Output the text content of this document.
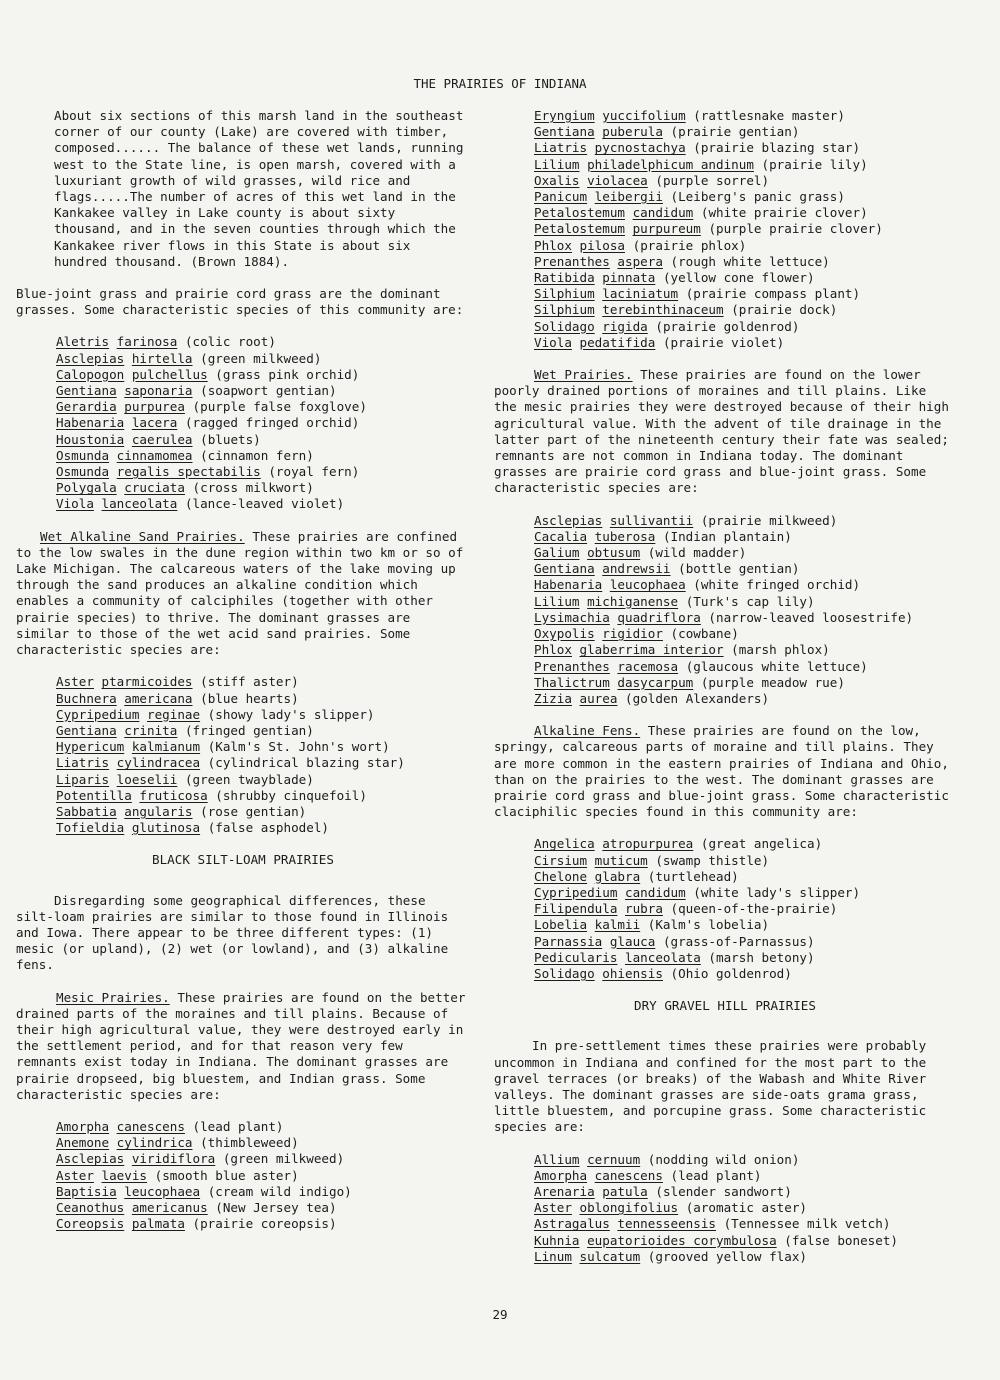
THE PRAIRIES OF INDIANA

About six sections of this marsh land in the southeast corner of our county (Lake) are covered with timber, composed...... The balance of these wet lands, running west to the State line, is open marsh, covered with a luxuriant growth of wild grasses, wild rice and flags.....The number of acres of this wet land in the Kankakee valley in Lake county is about sixty thousand, and in the seven counties through which the Kankakee river flows in this State is about six hundred thousand. (Brown 1884).

Blue-joint grass and prairie cord grass are the dominant grasses. Some characteristic species of this community are:

Aletris farinosa (colic root)
Asclepias hirtella (green milkweed)
Calopogon pulchellus (grass pink orchid)
Gentiana saponaria (soapwort gentian)
Gerardia purpurea (purple false foxglove)
Habenaria lacera (ragged fringed orchid)
Houstonia caerulea (bluets)
Osmunda cinnamomea (cinnamon fern)
Osmunda regalis spectabilis (royal fern)
Polygala cruciata (cross milkwort)
Viola lanceolata (lance-leaved violet)

Wet Alkaline Sand Prairies. These prairies are confined to the low swales in the dune region within two km or so of Lake Michigan. The calcareous waters of the lake moving up through the sand produces an alkaline condition which enables a community of calciphiles (together with other prairie species) to thrive. The dominant grasses are similar to those of the wet acid sand prairies. Some characteristic species are:

Aster ptarmicoides (stiff aster)
Buchnera americana (blue hearts)
Cypripedium reginae (showy lady's slipper)
Gentiana crinita (fringed gentian)
Hypericum kalmianum (Kalm's St. John's wort)
Liatris cylindracea (cylindrical blazing star)
Liparis loeselii (green twayblade)
Potentilla fruticosa (shrubby cinquefoil)
Sabbatia angularis (rose gentian)
Tofieldia glutinosa (false asphodel)

BLACK SILT-LOAM PRAIRIES

Disregarding some geographical differences, these silt-loam prairies are similar to those found in Illinois and Iowa. There appear to be three different types: (1) mesic (or upland), (2) wet (or lowland), and (3) alkaline fens.

Mesic Prairies. These prairies are found on the better drained parts of the moraines and till plains. Because of their high agricultural value, they were destroyed early in the settlement period, and for that reason very few remnants exist today in Indiana. The dominant grasses are prairie dropseed, big bluestem, and Indian grass. Some characteristic species are:

Amorpha canescens (lead plant)
Anemone cylindrica (thimbleweed)
Asclepias viridiflora (green milkweed)
Aster laevis (smooth blue aster)
Baptisia leucophaea (cream wild indigo)
Ceanothus americanus (New Jersey tea)
Coreopsis palmata (prairie coreopsis)
Eryngium yuccifolium (rattlesnake master)
Gentiana puberula (prairie gentian)
Liatris pycnostachya (prairie blazing star)
Lilium philadelphicum andinum (prairie lily)
Oxalis violacea (purple sorrel)
Panicum leibergii (Leiberg's panic grass)
Petalostemum candidum (white prairie clover)
Petalostemum purpureum (purple prairie clover)
Phlox pilosa (prairie phlox)
Prenanthes aspera (rough white lettuce)
Ratibida pinnata (yellow cone flower)
Silphium laciniatum (prairie compass plant)
Silphium terebinthinaceum (prairie dock)
Solidago rigida (prairie goldenrod)
Viola pedatifida (prairie violet)

Wet Prairies. These prairies are found on the lower poorly drained portions of moraines and till plains. Like the mesic prairies they were destroyed because of their high agricultural value. With the advent of tile drainage in the latter part of the nineteenth century their fate was sealed; remnants are not common in Indiana today. The dominant grasses are prairie cord grass and blue-joint grass. Some characteristic species are:

Asclepias sullivantii (prairie milkweed)
Cacalia tuberosa (Indian plantain)
Galium obtusum (wild madder)
Gentiana andrewsii (bottle gentian)
Habenaria leucophaea (white fringed orchid)
Lilium michiganense (Turk's cap lily)
Lysimachia quadriflora (narrow-leaved loosestrife)
Oxypolis rigidior (cowbane)
Phlox glaberrima interior (marsh phlox)
Prenanthes racemosa (glaucous white lettuce)
Thalictrum dasycarpum (purple meadow rue)
Zizia aurea (golden Alexanders)

Alkaline Fens. These prairies are found on the low, springy, calcareous parts of moraine and till plains. They are more common in the eastern prairies of Indiana and Ohio, than on the prairies to the west. The dominant grasses are prairie cord grass and blue-joint grass. Some characteristic claciphilic species found in this community are:

Angelica atropurpurea (great angelica)
Cirsium muticum (swamp thistle)
Chelone glabra (turtlehead)
Cypripedium candidum (white lady's slipper)
Filipendula rubra (queen-of-the-prairie)
Lobelia kalmii (Kalm's lobelia)
Parnassia glauca (grass-of-Parnassus)
Pedicularis lanceolata (marsh betony)
Solidago ohiensis (Ohio goldenrod)

DRY GRAVEL HILL PRAIRIES

In pre-settlement times these prairies were probably uncommon in Indiana and confined for the most part to the gravel terraces (or breaks) of the Wabash and White River valleys. The dominant grasses are side-oats grama grass, little bluestem, and porcupine grass. Some characteristic species are:

Allium cernuum (nodding wild onion)
Amorpha canescens (lead plant)
Arenaria patula (slender sandwort)
Aster oblongifolius (aromatic aster)
Astragalus tennesseensis (Tennessee milk vetch)
Kuhnia eupatorioides corymbulosa (false boneset)
Linum sulcatum (grooved yellow flax)
29
